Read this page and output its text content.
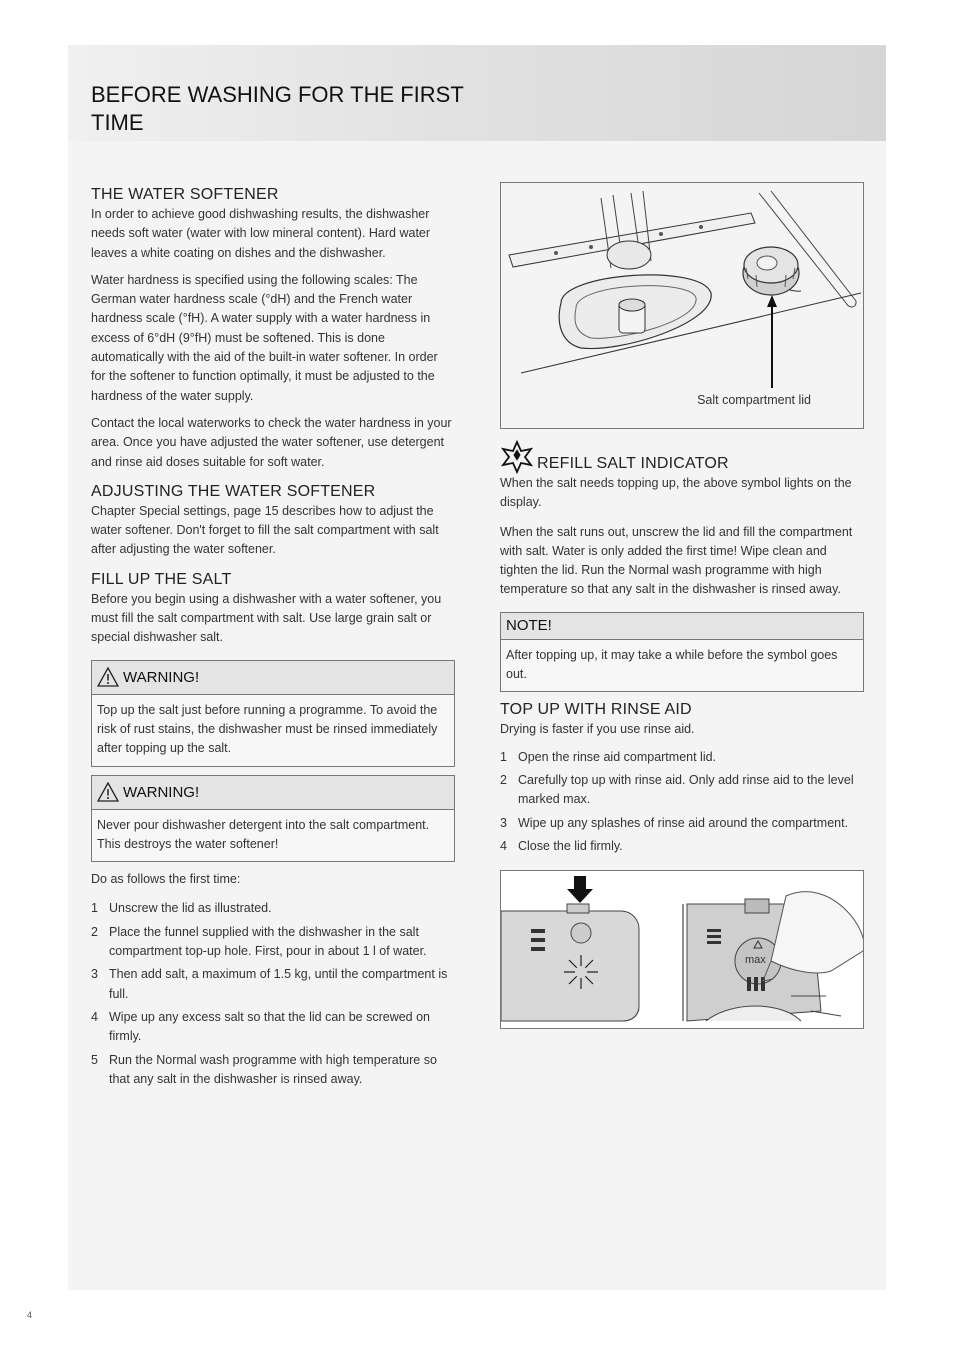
BEFORE WASHING FOR THE FIRST TIME
THE WATER SOFTENER

In order to achieve good dishwashing results, the dishwasher needs soft water (water with low mineral content). Hard water leaves a white coating on dishes and the dishwasher.

Water hardness is specified using the following scales: The German water hardness scale (°dH) and the French water hardness scale (°fH). A water supply with a water hardness in excess of 6°dH (9°fH) must be softened. This is done automatically with the aid of the built-in water softener. In order for the softener to function optimally, it must be adjusted to the hardness of the water supply.

Contact the local waterworks to check the water hardness in your area. Once you have adjusted the water softener, use detergent and rinse aid doses suitable for soft water.

ADJUSTING THE WATER SOFTENER

Chapter Special settings, page 15 describes how to adjust the water softener. Don't forget to fill the salt compartment with salt after adjusting the water softener.

FILL UP THE SALT

Before you begin using a dishwasher with a water softener, you must fill the salt compartment with salt. Use large grain salt or special dishwasher salt.

WARNING!
Top up the salt just before running a programme. To avoid the risk of rust stains, the dishwasher must be rinsed immediately after topping up the salt.
WARNING!
Never pour dishwasher detergent into the salt compartment. This destroys the water softener!

Do as follows the first time:

1 Unscrew the lid as illustrated.
2 Place the funnel supplied with the dishwasher in the salt compartment top-up hole. First, pour in about 1 l of water.
3 Then add salt, a maximum of 1.5 kg, until the compartment is full.
4 Wipe up any excess salt so that the lid can be screwed on firmly.
5 Run the Normal wash programme with high temperature so that any salt in the dishwasher is rinsed away.
Salt compartment lid
REFILL SALT INDICATOR

When the salt needs topping up, the above symbol lights on the display.

When the salt runs out, unscrew the lid and fill the compartment with salt. Water is only added the first time! Wipe clean and tighten the lid. Run the Normal wash programme with high temperature so that any salt in the dishwasher is rinsed away.

NOTE!
After topping up, it may take a while before the symbol goes out.
TOP UP WITH RINSE AID

Drying is faster if you use rinse aid.

1 Open the rinse aid compartment lid.
2 Carefully top up with rinse aid. Only add rinse aid to the level marked max.
3 Wipe up any splashes of rinse aid around the compartment.
4 Close the lid firmly.
max
4
